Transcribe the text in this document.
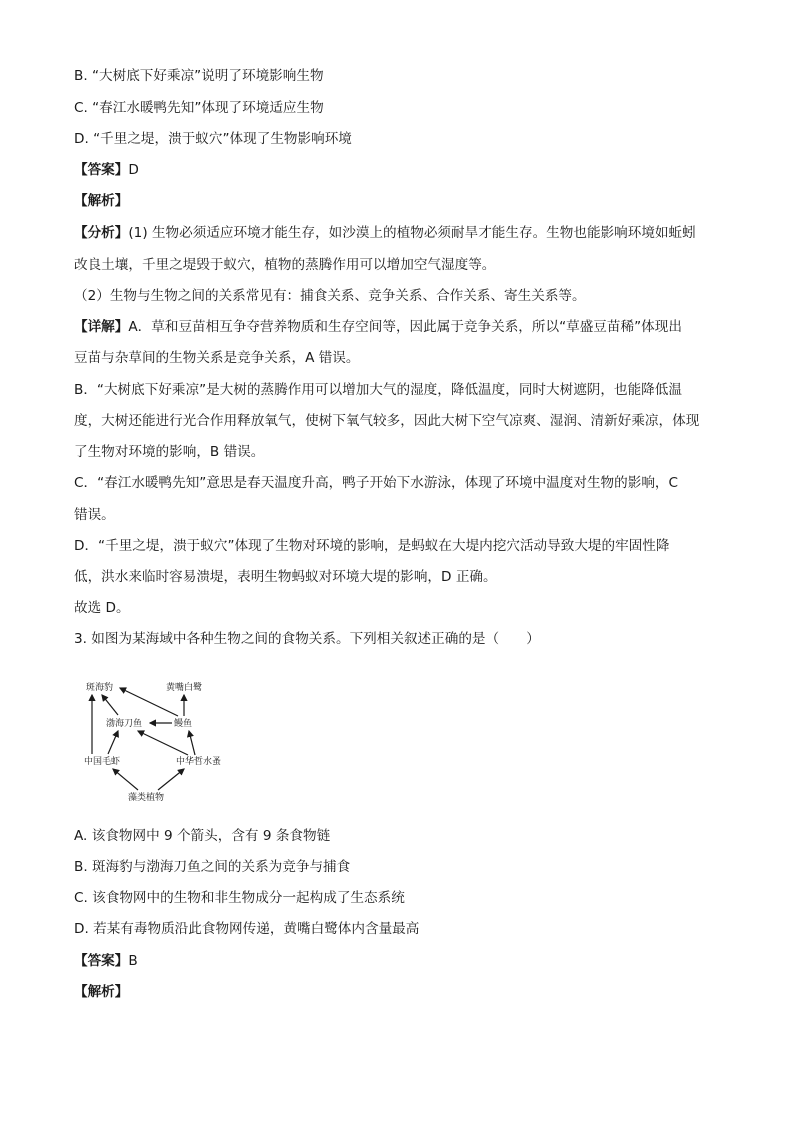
B. “大树底下好乘凉”说明了环境影响生物
C. “春江水暖鸭先知”体现了环境适应生物
D. “千里之堤，溃于蚁穴”体现了生物影响环境
【答案】D
【解析】
【分析】(1) 生物必须适应环境才能生存，如沙漠上的植物必须耐旱才能生存。生物也能影响环境如蚯蚓
改良土壤，千里之堤毁于蚁穴，植物的蒸腾作用可以增加空气湿度等。
（2）生物与生物之间的关系常见有：捕食关系、竞争关系、合作关系、寄生关系等。
【详解】A．草和豆苗相互争夺营养物质和生存空间等，因此属于竞争关系，所以“草盛豆苗稀”体现出
豆苗与杂草间的生物关系是竞争关系，A 错误。
B．“大树底下好乘凉”是大树的蒸腾作用可以增加大气的湿度，降低温度，同时大树遮阴，也能降低温
度，大树还能进行光合作用释放氧气，使树下氧气较多，因此大树下空气凉爽、湿润、清新好乘凉，体现
了生物对环境的影响，B 错误。
C．“春江水暖鸭先知”意思是春天温度升高，鸭子开始下水游泳，体现了环境中温度对生物的影响，C
错误。
D．“千里之堤，溃于蚁穴”体现了生物对环境的影响，是蚂蚁在大堤内挖穴活动导致大堤的牢固性降
低，洪水来临时容易溃堤，表明生物蚂蚁对环境大堤的影响，D 正确。
故选 D。
3. 如图为某海域中各种生物之间的食物关系。下列相关叙述正确的是（　　）
斑海豹	黄嘴白鹭
渤海刀鱼	鳗鱼
中国毛虾	中华哲水蚤
藻类植物
A. 该食物网中 9 个箭头，含有 9 条食物链
B. 斑海豹与渤海刀鱼之间的关系为竞争与捕食
C. 该食物网中的生物和非生物成分一起构成了生态系统
D. 若某有毒物质沿此食物网传递，黄嘴白鹭体内含量最高
【答案】B
【解析】
